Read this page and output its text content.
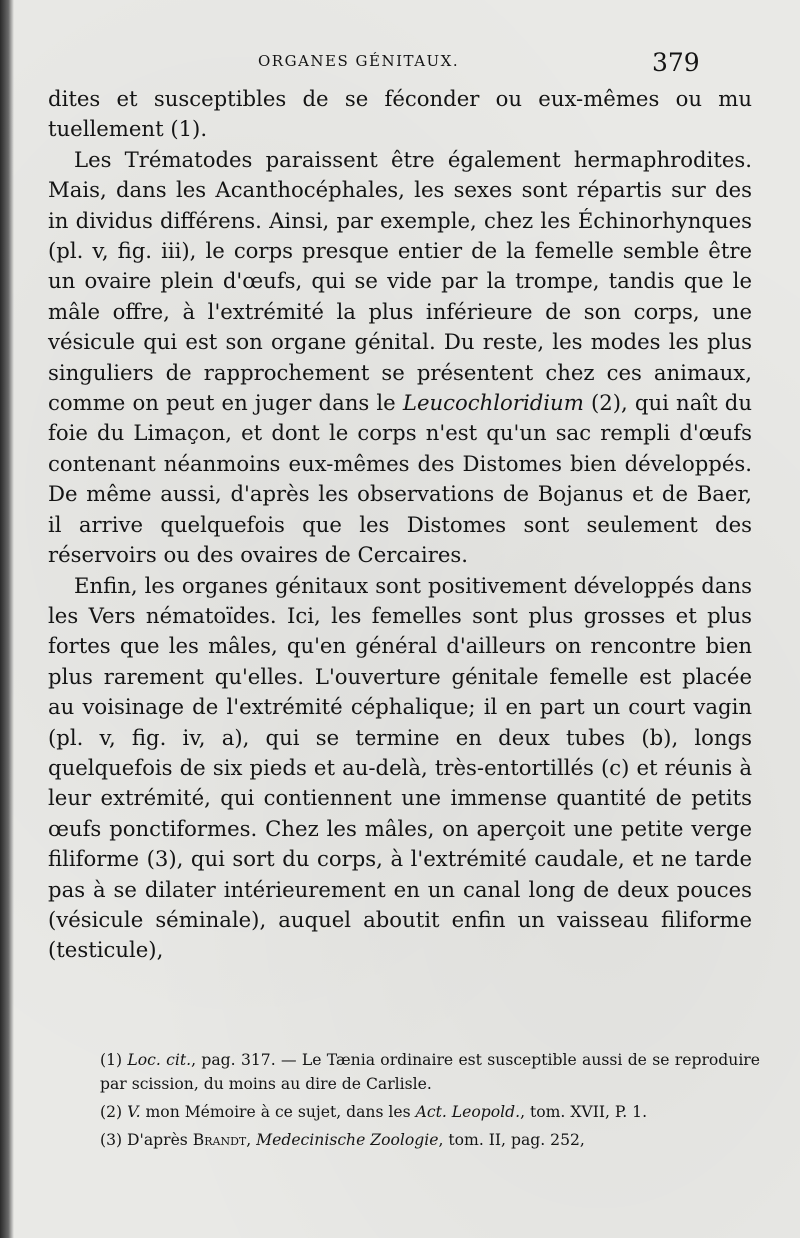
ORGANES GÉNITAUX.	379

dites et susceptibles de se féconder ou eux-mêmes ou mu tuellement (1).

Les Trématodes paraissent être également hermaphrodites. Mais, dans les Acanthocéphales, les sexes sont répartis sur des in dividus différens. Ainsi, par exemple, chez les Échinorhynques (pl. v, fig. iii), le corps presque entier de la femelle semble être un ovaire plein d'œufs, qui se vide par la trompe, tandis que le mâle offre, à l'extrémité la plus inférieure de son corps, une vésicule qui est son organe génital. Du reste, les modes les plus singuliers de rapprochement se présentent chez ces animaux, comme on peut en juger dans le Leucochloridium (2), qui naît du foie du Limaçon, et dont le corps n'est qu'un sac rempli d'œufs contenant néanmoins eux-mêmes des Distomes bien développés. De même aussi, d'après les observations de Bojanus et de Baer, il arrive quelquefois que les Distomes sont seulement des réservoirs ou des ovaires de Cercaires.

Enfin, les organes génitaux sont positivement développés dans les Vers nématoïdes. Ici, les femelles sont plus grosses et plus fortes que les mâles, qu'en général d'ailleurs on rencontre bien plus rarement qu'elles. L'ouverture génitale femelle est placée au voisinage de l'extrémité céphalique; il en part un court vagin (pl. v, fig. iv, a), qui se termine en deux tubes (b), longs quelquefois de six pieds et au-delà, très-entortillés (c) et réunis à leur extrémité, qui contiennent une immense quantité de petits œufs ponctiformes. Chez les mâles, on aperçoit une petite verge filiforme (3), qui sort du corps, à l'extrémité caudale, et ne tarde pas à se dilater intérieurement en un canal long de deux pouces (vésicule séminale), auquel aboutit enfin un vaisseau filiforme (testicule),

(1) Loc. cit., pag. 317. — Le Tænia ordinaire est susceptible aussi de se reproduire par scission, du moins au dire de Carlisle.

(2) V. mon Mémoire à ce sujet, dans les Act. Leopold., tom. XVII, P. 1.

(3) D'après Brandt, Medecinische Zoologie, tom. II, pag. 252,
